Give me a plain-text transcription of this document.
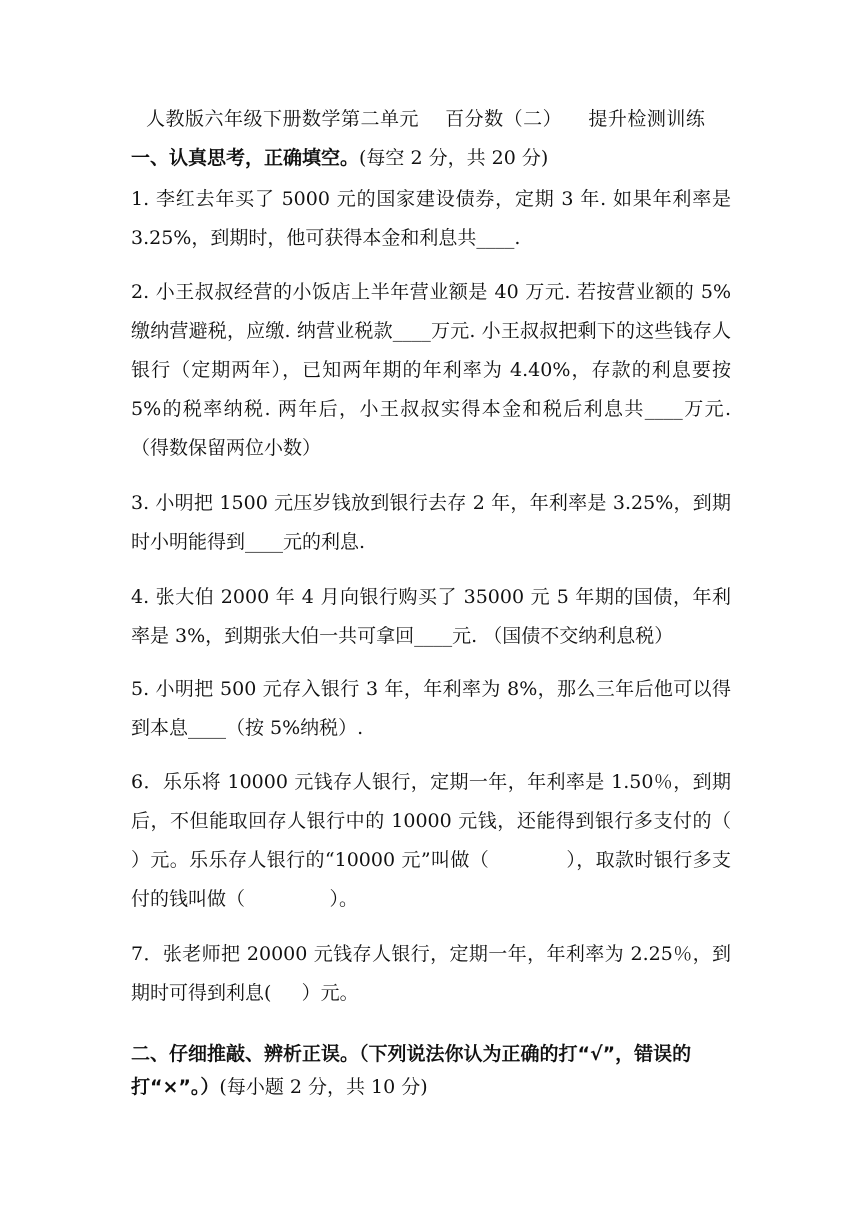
人教版六年级下册数学第二单元    百分数（二）    提升检测训练
一、认真思考，正确填空。(每空 2 分，共 20 分)
1. 李红去年买了 5000 元的国家建设债券，定期 3 年. 如果年利率是 3.25%，到期时，他可获得本金和利息共____.
2. 小王叔叔经营的小饭店上半年营业额是 40 万元. 若按营业额的 5%缴纳营避税，应缴. 纳营业税款____万元. 小王叔叔把剩下的这些钱存人银行（定期两年），已知两年期的年利率为 4.40%，存款的利息要按 5%的税率纳税. 两年后，小王叔叔实得本金和税后利息共____万元. （得数保留两位小数）
3. 小明把 1500 元压岁钱放到银行去存 2 年，年利率是 3.25%，到期时小明能得到____元的利息.
4. 张大伯 2000 年 4 月向银行购买了 35000 元 5 年期的国债，年利率是 3%，到期张大伯一共可拿回____元. （国债不交纳利息税）
5. 小明把 500 元存入银行 3 年，年利率为 8%，那么三年后他可以得到本息____（按 5%纳税）.
6．乐乐将 10000 元钱存人银行，定期一年，年利率是 1.50％，到期后，不但能取回存人银行中的 10000 元钱，还能得到银行多支付的（          ）元。乐乐存人银行的“10000 元”叫做（            ），取款时银行多支付的钱叫做（              ）。
7．张老师把 20000 元钱存人银行，定期一年，年利率为 2.25％，到期时可得到利息(     ）元。
二、仔细推敲、辨析正误。（下列说法你认为正确的打“√”，错误的打“×”。）(每小题 2 分，共 10 分)
